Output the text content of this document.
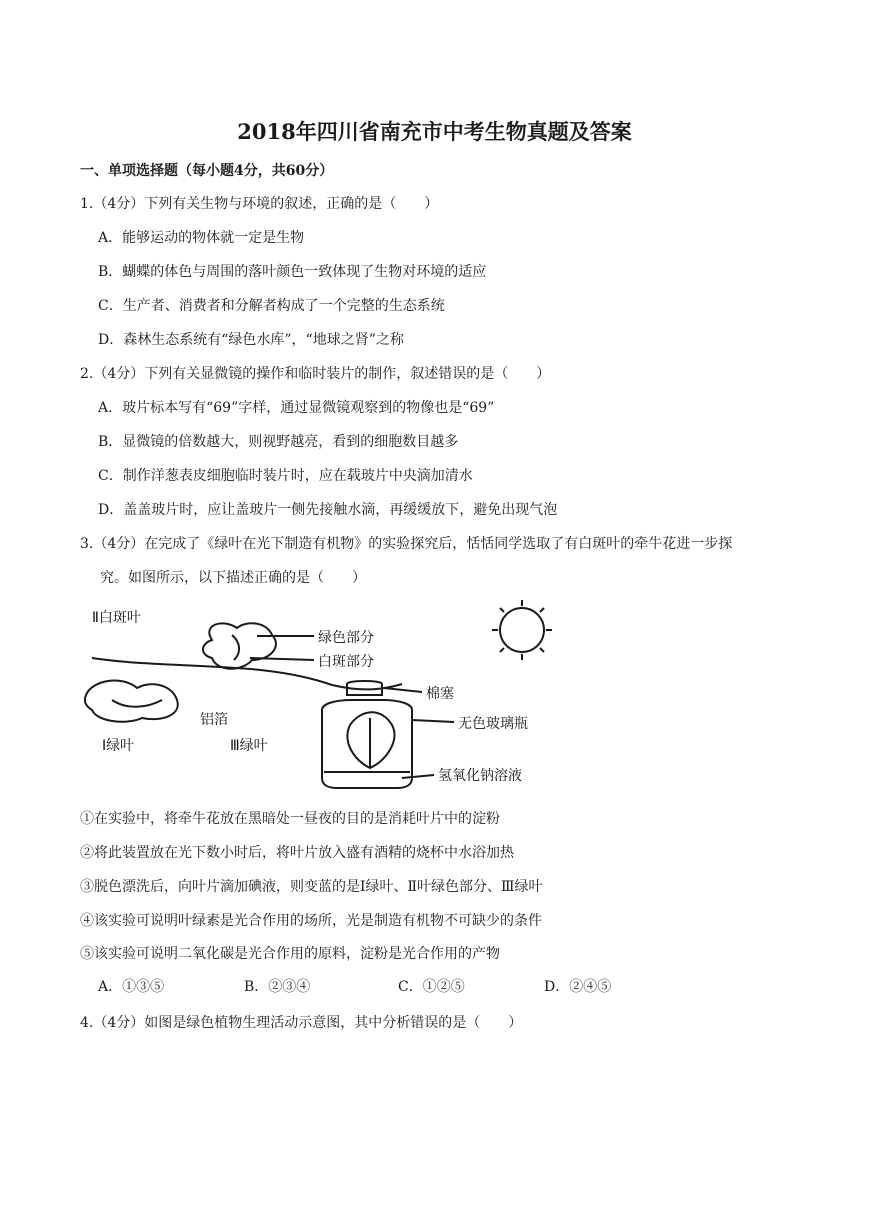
2018年四川省南充市中考生物真题及答案
一、单项选择题（每小题4分，共60分）
1.（4分）下列有关生物与环境的叙述，正确的是（　　）
A．能够运动的物体就一定是生物
B．蝴蝶的体色与周围的落叶颜色一致体现了生物对环境的适应
C．生产者、消费者和分解者构成了一个完整的生态系统
D．森林生态系统有“绿色水库”，“地球之肾”之称
2.（4分）下列有关显微镜的操作和临时装片的制作，叙述错误的是（　　）
A．玻片标本写有“69”字样，通过显微镜观察到的物像也是“69”
B．显微镜的倍数越大，则视野越亮，看到的细胞数目越多
C．制作洋葱表皮细胞临时装片时，应在载玻片中央滴加清水
D．盖盖玻片时，应让盖玻片一侧先接触水滴，再缓缓放下，避免出现气泡
3.（4分）在完成了《绿叶在光下制造有机物》的实验探究后，恬恬同学选取了有白斑叶的牵牛花进一步探
究。如图所示，以下描述正确的是（　　）
Ⅱ白斑叶
绿色部分
白斑部分
棉塞
无色玻璃瓶
铝箔
Ⅰ绿叶	Ⅲ绿叶
氢氧化钠溶液
①在实验中，将牵牛花放在黑暗处一昼夜的目的是消耗叶片中的淀粉
②将此装置放在光下数小时后，将叶片放入盛有酒精的烧杯中水浴加热
③脱色漂洗后，向叶片滴加碘液，则变蓝的是Ⅰ绿叶、Ⅱ叶绿色部分、Ⅲ绿叶
④该实验可说明叶绿素是光合作用的场所，光是制造有机物不可缺少的条件
⑤该实验可说明二氧化碳是光合作用的原料，淀粉是光合作用的产物
A．①③⑤	B．②③④	C．①②⑤	D．②④⑤
4.（4分）如图是绿色植物生理活动示意图，其中分析错误的是（　　）
